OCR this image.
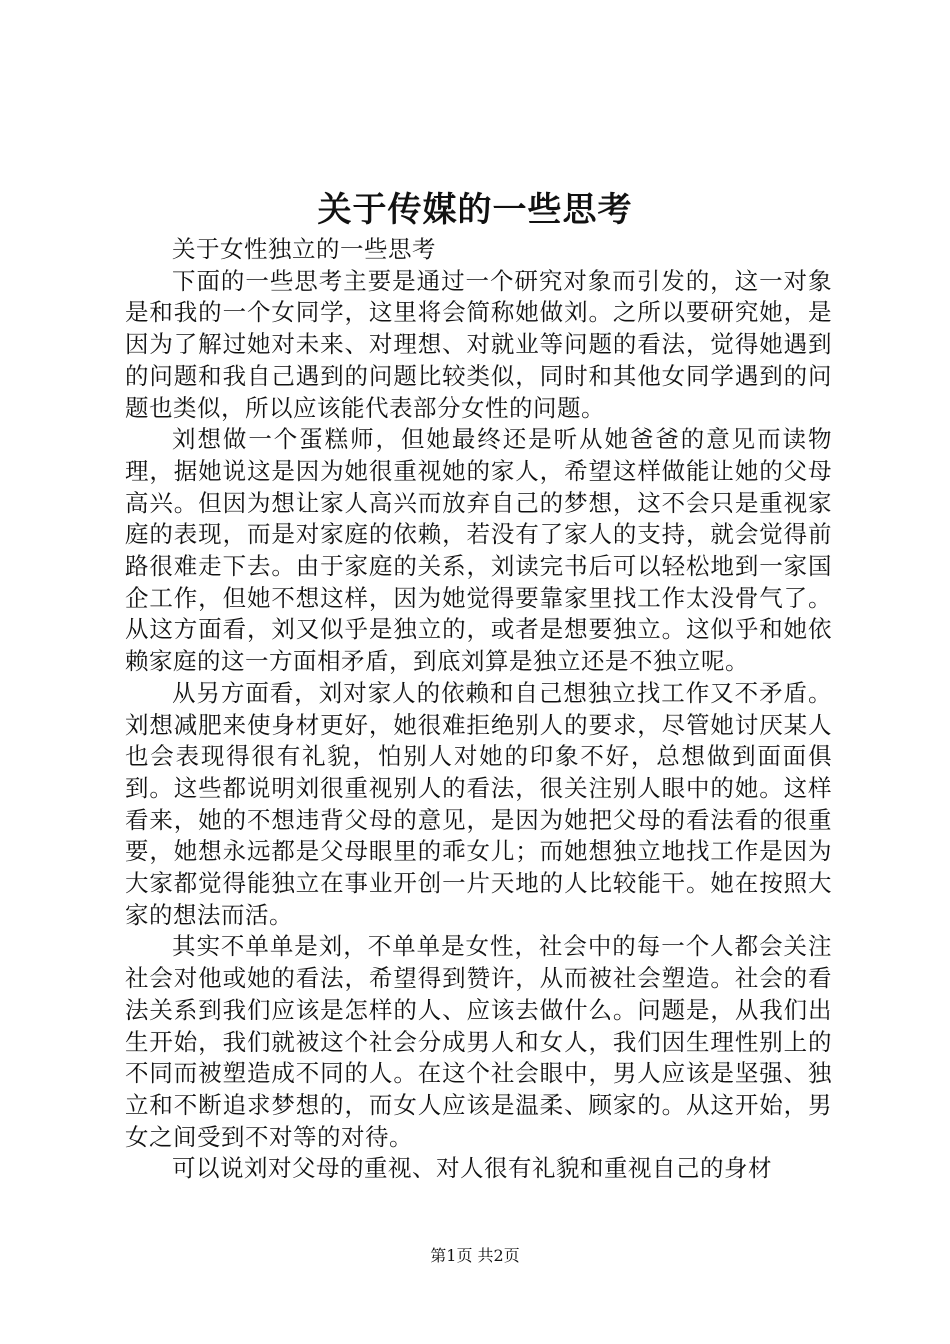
关于传媒的一些思考

关于女性独立的一些思考

下面的一些思考主要是通过一个研究对象而引发的，这一对象是和我的一个女同学，这里将会简称她做刘。之所以要研究她，是因为了解过她对未来、对理想、对就业等问题的看法，觉得她遇到的问题和我自己遇到的问题比较类似，同时和其他女同学遇到的问题也类似，所以应该能代表部分女性的问题。

刘想做一个蛋糕师，但她最终还是听从她爸爸的意见而读物理，据她说这是因为她很重视她的家人，希望这样做能让她的父母高兴。但因为想让家人高兴而放弃自己的梦想，这不会只是重视家庭的表现，而是对家庭的依赖，若没有了家人的支持，就会觉得前路很难走下去。由于家庭的关系，刘读完书后可以轻松地到一家国企工作，但她不想这样，因为她觉得要靠家里找工作太没骨气了。从这方面看，刘又似乎是独立的，或者是想要独立。这似乎和她依赖家庭的这一方面相矛盾，到底刘算是独立还是不独立呢。

从另方面看，刘对家人的依赖和自己想独立找工作又不矛盾。刘想减肥来使身材更好，她很难拒绝别人的要求，尽管她讨厌某人也会表现得很有礼貌，怕别人对她的印象不好，总想做到面面俱到。这些都说明刘很重视别人的看法，很关注别人眼中的她。这样看来，她的不想违背父母的意见，是因为她把父母的看法看的很重要，她想永远都是父母眼里的乖女儿；而她想独立地找工作是因为大家都觉得能独立在事业开创一片天地的人比较能干。她在按照大家的想法而活。

其实不单单是刘，不单单是女性，社会中的每一个人都会关注社会对他或她的看法，希望得到赞许，从而被社会塑造。社会的看法关系到我们应该是怎样的人、应该去做什么。问题是，从我们出生开始，我们就被这个社会分成男人和女人，我们因生理性别上的不同而被塑造成不同的人。在这个社会眼中，男人应该是坚强、独立和不断追求梦想的，而女人应该是温柔、顾家的。从这开始，男女之间受到不对等的对待。

可以说刘对父母的重视、对人很有礼貌和重视自己的身材

第1页 共2页
